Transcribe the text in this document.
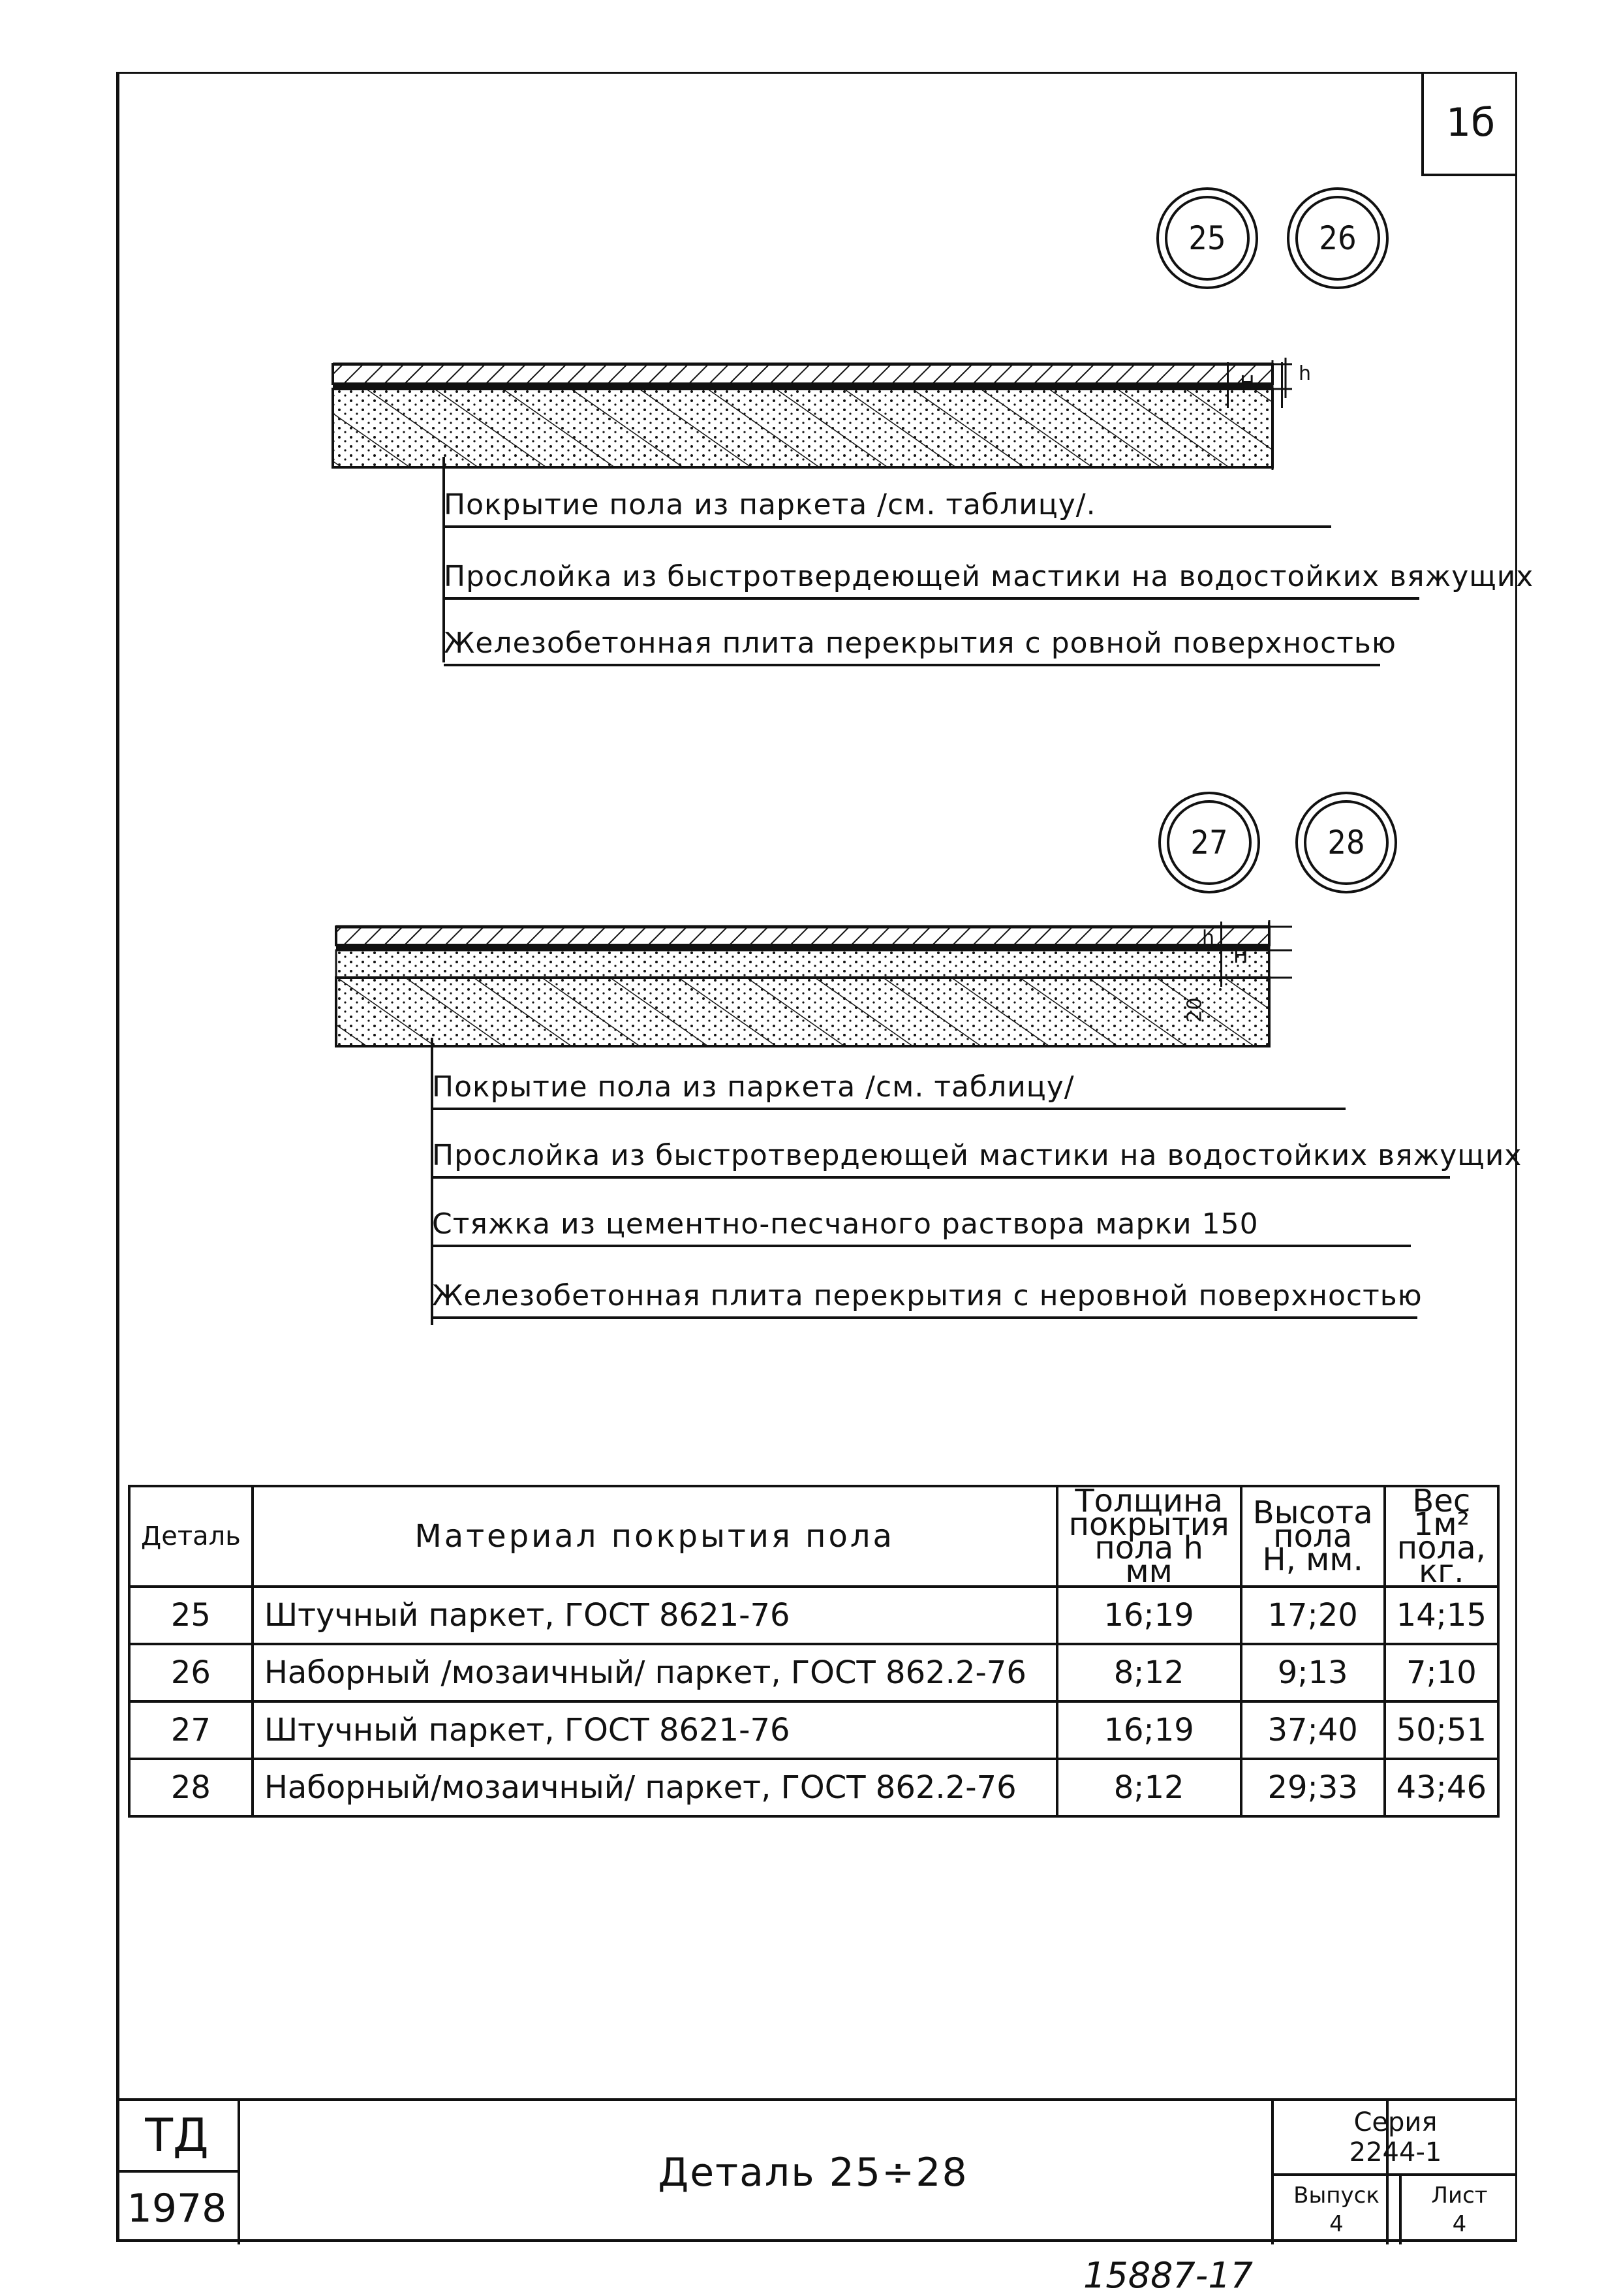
1б
25	26
h
H
Покрытие пола из паркета /см. таблицу/.
Прослойка из быстротвердеющей мастики на водостойких вяжущих
Железобетонная плита перекрытия с ровной поверхностью
27	28
h
H
20
Покрытие пола из паркета /см. таблицу/
Прослойка из быстротвердеющей мастики на водостойких вяжущих
Стяжка из цементно-песчаного раствора марки 150
Железобетонная плита перекрытия с неровной поверхностью
Деталь	Материал покрытия пола	Толщина покрытия пола h мм	Высота пола H, мм.	Вес 1м² пола, кг.
25	Штучный паркет, ГОСТ 8621-76	16;19	17;20	14;15
26	Наборный /мозаичный/ паркет, ГОСТ 862.2-76	8;12	9;13	7;10
27	Штучный паркет, ГОСТ 8621-76	16;19	37;40	50;51
28	Наборный/мозаичный/ паркет, ГОСТ 862.2-76	8;12	29;33	43;46
ТД
1978
Деталь 25÷28
Серия
2244-1
Выпуск
4
Лист
4
15887-17
